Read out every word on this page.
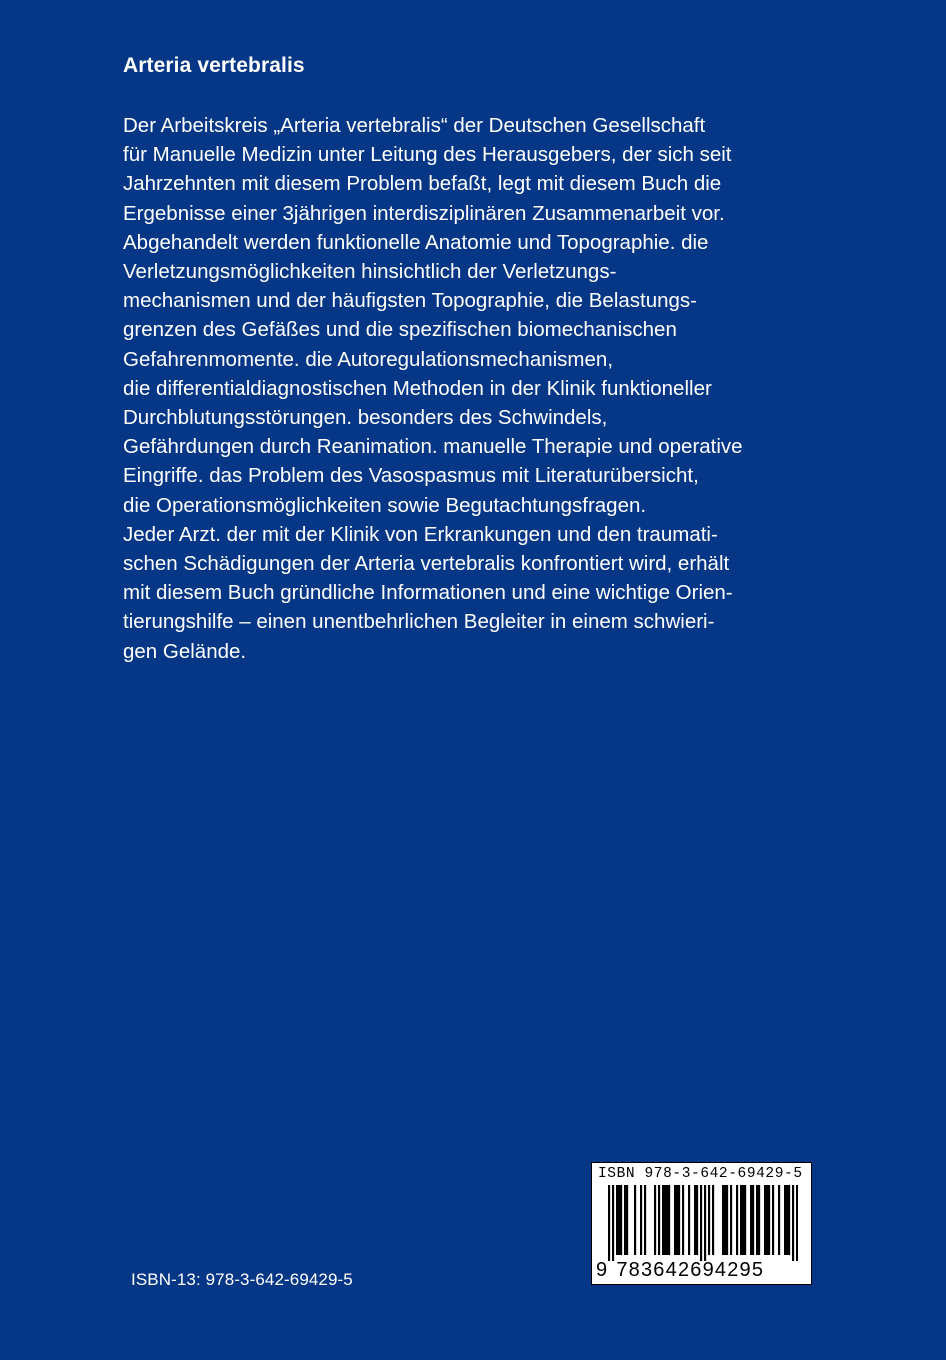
Arteria vertebralis

Der Arbeitskreis „Arteria vertebralis“ der Deutschen Gesellschaft
für Manuelle Medizin unter Leitung des Herausgebers, der sich seit
Jahrzehnten mit diesem Problem befaßt, legt mit diesem Buch die
Ergebnisse einer 3jährigen interdisziplinären Zusammenarbeit vor.
Abgehandelt werden funktionelle Anatomie und Topographie. die
Verletzungsmöglichkeiten hinsichtlich der Verletzungs-
mechanismen und der häufigsten Topographie, die Belastungs-
grenzen des Gefäßes und die spezifischen biomechanischen
Gefahrenmomente. die Autoregulationsmechanismen,
die differentialdiagnostischen Methoden in der Klinik funktioneller
Durchblutungsstörungen. besonders des Schwindels,
Gefährdungen durch Reanimation. manuelle Therapie und operative
Eingriffe. das Problem des Vasospasmus mit Literaturübersicht,
die Operationsmöglichkeiten sowie Begutachtungsfragen.
Jeder Arzt. der mit der Klinik von Erkrankungen und den traumati-
schen Schädigungen der Arteria vertebralis konfrontiert wird, erhält
mit diesem Buch gründliche Informationen und eine wichtige Orien-
tierungshilfe – einen unentbehrlichen Begleiter in einem schwieri-
gen Gelände.

ISBN-13: 978-3-642-69429-5
ISBN 978-3-642-69429-5
9 783642694295
